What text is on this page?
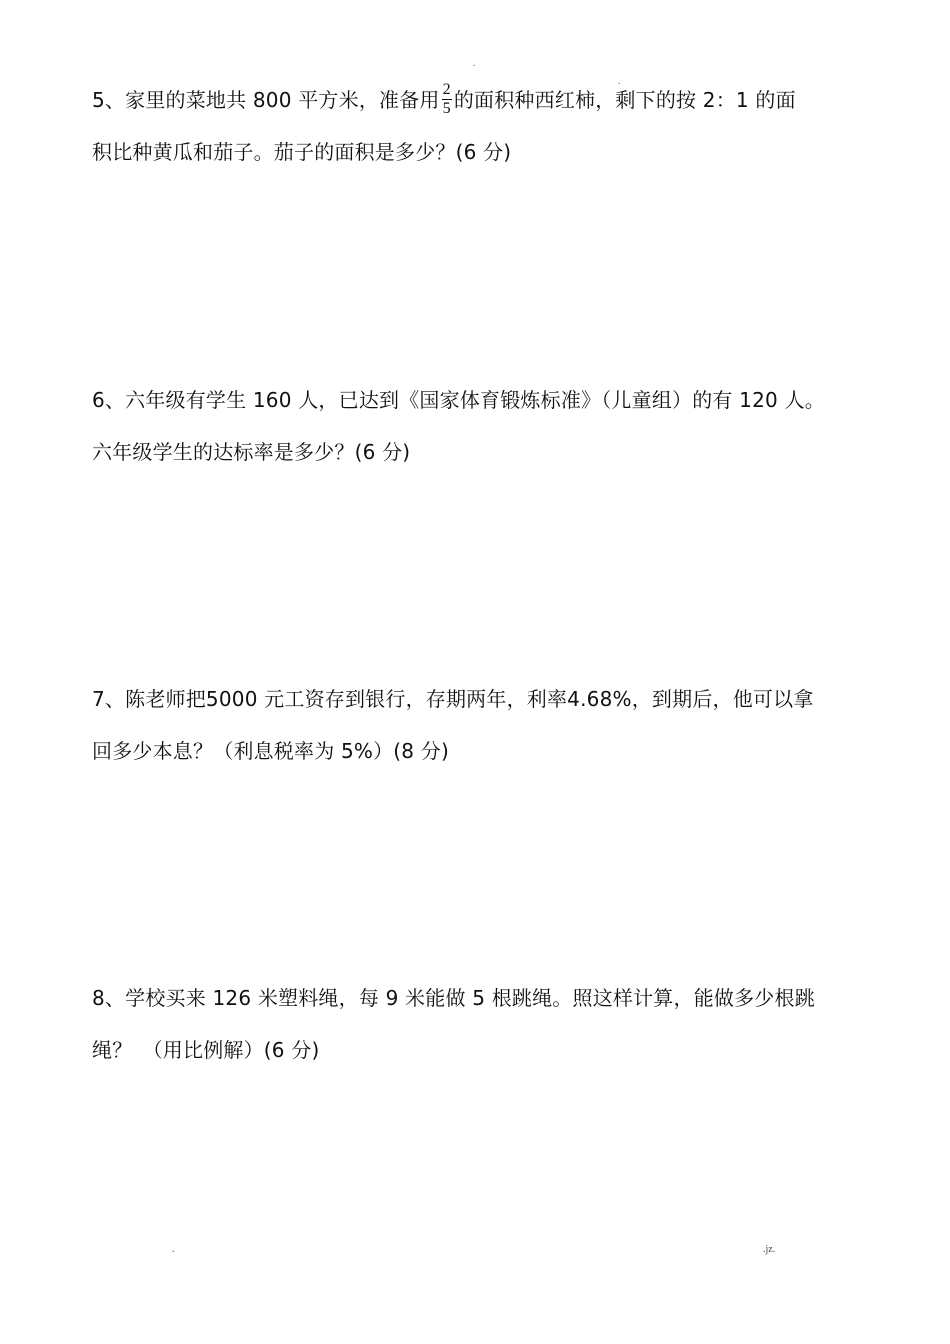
.
.
5、家里的菜地共 800 平方米，准备用 $\frac{2}{5}$ 的面积种西红柿，剩下的按 2：1 的面
积比种黄瓜和茄子。茄子的面积是多少？(6 分)
6、六年级有学生 160 人，已达到《国家体育锻炼标准》（儿童组）的有 120 人。
六年级学生的达标率是多少？(6 分)
7、陈老师把5000 元工资存到银行，存期两年，利率4.68%，到期后，他可以拿
回多少本息？（利息税率为 5%）(8 分)
8、学校买来 126 米塑料绳，每 9 米能做 5 根跳绳。照这样计算，能做多少根跳
绳？　（用比例解）(6 分)
.	.jz.
